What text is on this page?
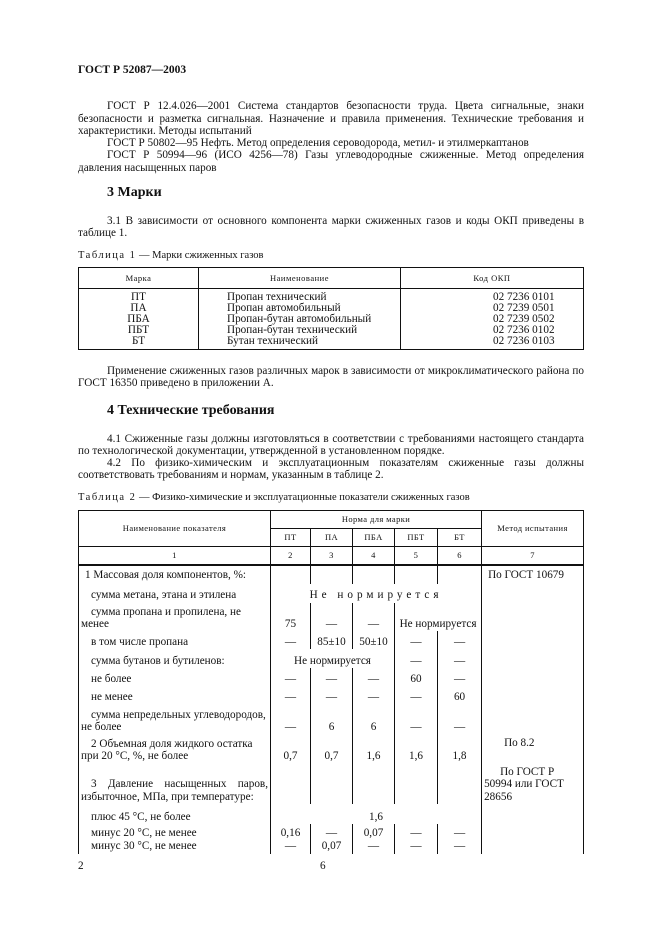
ГОСТ Р 52087—2003
ГОСТ Р 12.4.026—2001 Система стандартов безопасности труда. Цвета сигнальные, знаки безопасности и разметка сигнальная. Назначение и правила применения. Технические требования и характеристики. Методы испытаний
ГОСТ Р 50802—95 Нефть. Метод определения сероводорода, метил- и этилмеркаптанов
ГОСТ Р 50994—96 (ИСО 4256—78) Газы углеводородные сжиженные. Метод определения давления насыщенных паров
3 Марки
3.1 В зависимости от основного компонента марки сжиженных газов и коды ОКП приведены в таблице 1.
Таблица 1 — Марки сжиженных газов
Марка	Наименование	Код ОКП
ПТ	Пропан технический	02 7236 0101
ПА	Пропан автомобильный	02 7239 0501
ПБА	Пропан-бутан автомобильный	02 7239 0502
ПБТ	Пропан-бутан технический	02 7236 0102
БТ	Бутан технический	02 7236 0103
Применение сжиженных газов различных марок в зависимости от микроклиматического района по ГОСТ 16350 приведено в приложении А.
4 Технические требования
4.1 Сжиженные газы должны изготовляться в соответствии с требованиями настоящего стандарта по технологической документации, утвержденной в установленном порядке.
4.2 По физико-химическим и эксплуатационным показателям сжиженные газы должны соответствовать требованиям и нормам, указанным в таблице 2.
Таблица 2 — Физико-химические и эксплуатационные показатели сжиженных газов
Наименование показателя	Норма для марки					Метод испытания
	ПТ	ПА	ПБА	ПБТ	БТ	
1	2	3	4	5	6	7
1 Массовая доля компонентов, %:						По ГОСТ 10679
сумма метана, этана и этилена	Не нормируется					
сумма пропана и пропилена, не менее	75	—	—	Не нормируется		
в том числе пропана	—	85±10	50±10	—	—	
сумма бутанов и бутиленов:	Не нормируется			—	—	
не более	—	—	—	60	—	
не менее	—	—	—	—	60	
сумма непредельных углеводородов, не более	—	6	6	—	—	
2 Объемная доля жидкого остатка при 20 °С, %, не более	0,7	0,7	1,6	1,6	1,8	По 8.2
3 Давление насыщенных паров, избыточное, МПа, при температуре:						По ГОСТ Р 50994 или ГОСТ 28656
плюс 45 °С, не более	1,6					
минус 20 °С, не менее	0,16	—	0,07	—	—	
минус 30 °С, не менее	—	0,07	—	—	—	
2	6
